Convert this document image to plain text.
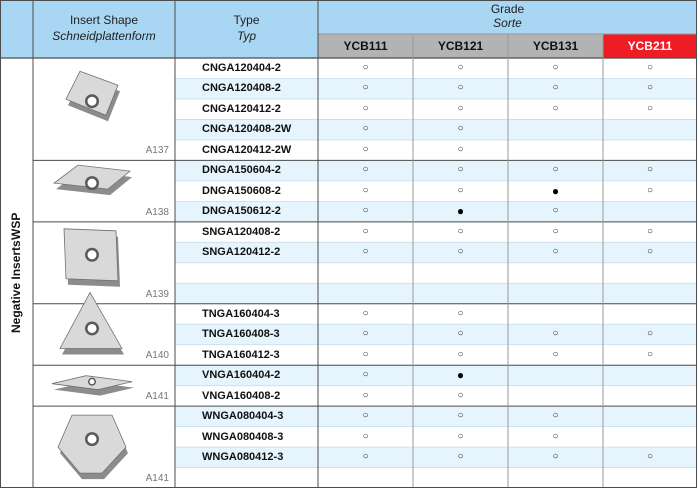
Insert Shape
Schneidplattenform
Type
Typ
Grade
Sorte
YCB111	YCB121	YCB131	YCB211
Negative Inserts

WSP
CNGA120404-2	○	○	○	○
CNGA120408-2	○	○	○	○
CNGA120412-2	○	○	○	○
CNGA120408-2W	○	○
CNGA120412-2W	○	○
DNGA150604-2	○	○	○	○
DNGA150608-2	○	○	●	○
DNGA150612-2	○	●	○
SNGA120408-2	○	○	○	○
SNGA120412-2	○	○	○	○
TNGA160404-3	○	○
TNGA160408-3	○	○	○	○
TNGA160412-3	○	○	○	○
VNGA160404-2	○	●
VNGA160408-2	○	○
WNGA080404-3	○	○	○
WNGA080408-3	○	○	○
WNGA080412-3	○	○	○	○
A137
A138
A139
A140
A141
A141
